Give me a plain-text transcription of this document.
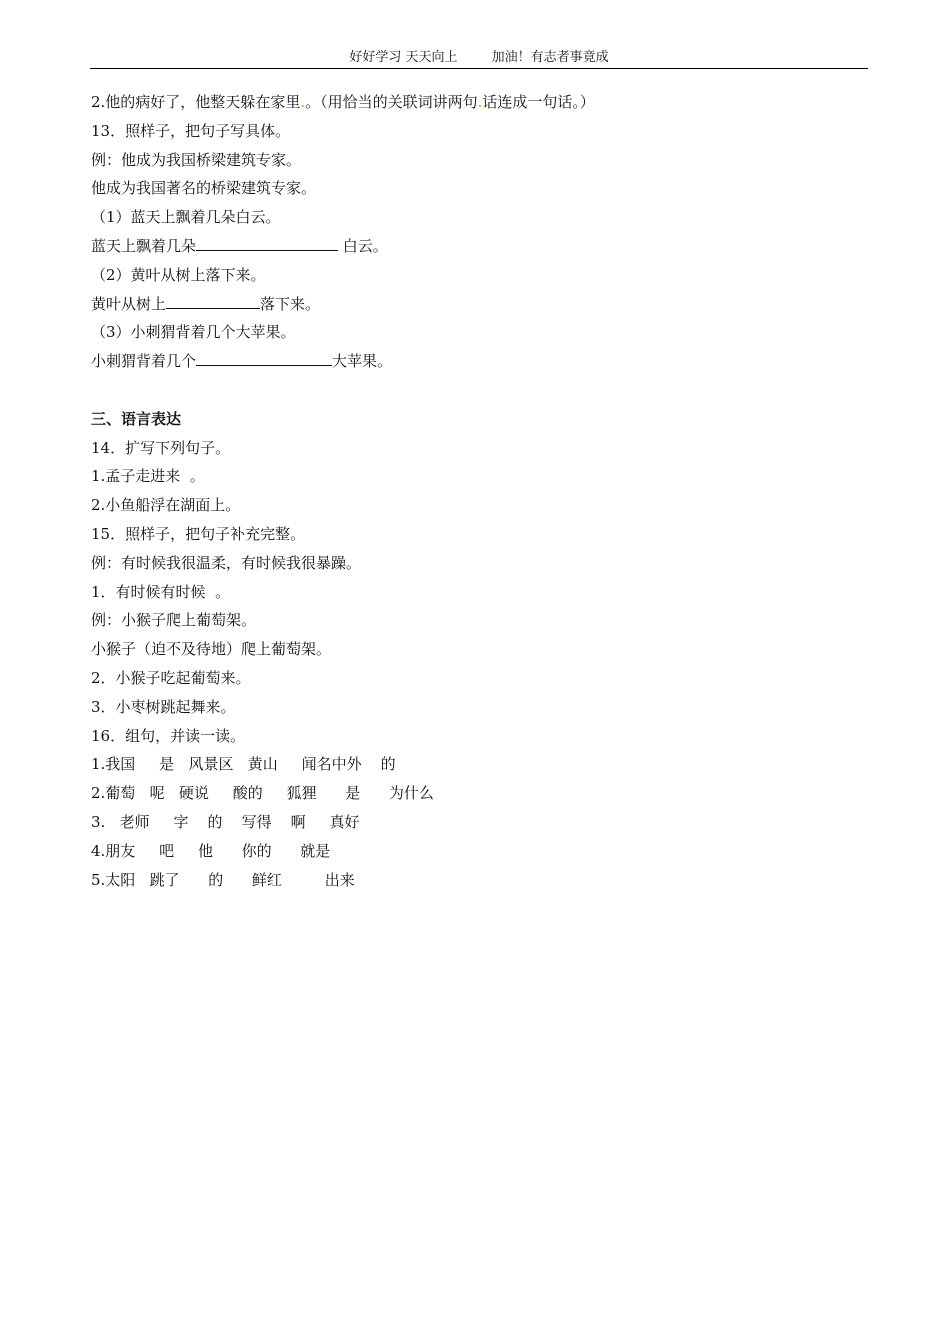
好好学习 天天向上	加油！有志者事竟成
2.他的病好了，他整天躲在家里.。（用恰当的关联词讲两句.话连成一句话。）
13．照样子，把句子写具体。
例：他成为我国桥梁建筑专家。
他成为我国著名的桥梁建筑专家。
（1）蓝天上飘着几朵白云。
蓝天上飘着几朵	白云。
（2）黄叶从树上落下来。
黄叶从树上	落下来。
（3）小刺猬背着几个大苹果。
小刺猬背着几个	大苹果。
三、语言表达
14．扩写下列句子。
1.孟子走进来  。
2.小鱼船浮在湖面上。
15．照样子，把句子补充完整。
例：有时候我很温柔，有时候我很暴躁。
1．有时候有时候  。
例：小猴子爬上葡萄架。
小猴子（迫不及待地）爬上葡萄架。
2．小猴子吃起葡萄来。
3．小枣树跳起舞来。
16．组句，并读一读。
1.我国     是   风景区   黄山     闻名中外    的
2.葡萄   呢   硬说     酸的     狐狸      是      为什么
3.   老师     字    的    写得    啊     真好
4.朋友     吧     他      你的      就是
5.太阳   跳了      的      鲜红         出来
